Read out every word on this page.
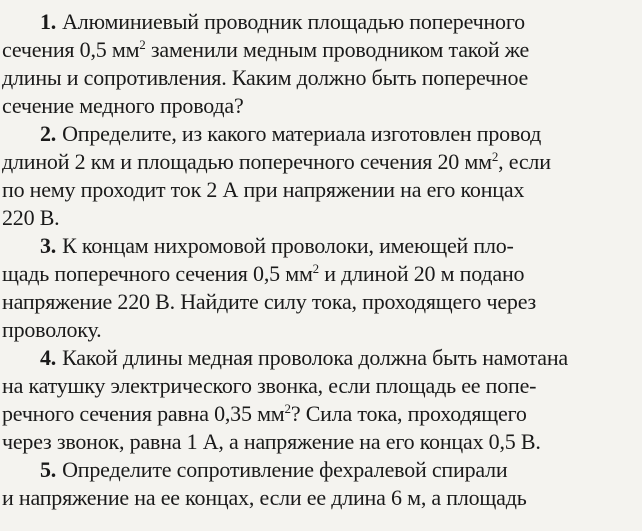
1. Алюминиевый проводник площадью поперечного
сечения 0,5 $мм^2$ заменили медным проводником такой же
длины и сопротивления. Каким должно быть поперечное
сечение медного провода?
2. Определите, из какого материала изготовлен провод
длиной 2 км и площадью поперечного сечения 20 $мм^2$, если
по нему проходит ток 2 А при напряжении на его концах
220 В.
3. К концам нихромовой проволоки, имеющей пло-
щадь поперечного сечения 0,5 $мм^2$ и длиной 20 м подано
напряжение 220 В. Найдите силу тока, проходящего через
проволоку.
4. Какой длины медная проволока должна быть намотана
на катушку электрического звонка, если площадь ее попе-
речного сечения равна 0,35 $мм^2$? Сила тока, проходящего
через звонок, равна 1 А, а напряжение на его концах 0,5 В.
5. Определите сопротивление фехралевой спирали
и напряжение на ее концах, если ее длина 6 м, а площадь
